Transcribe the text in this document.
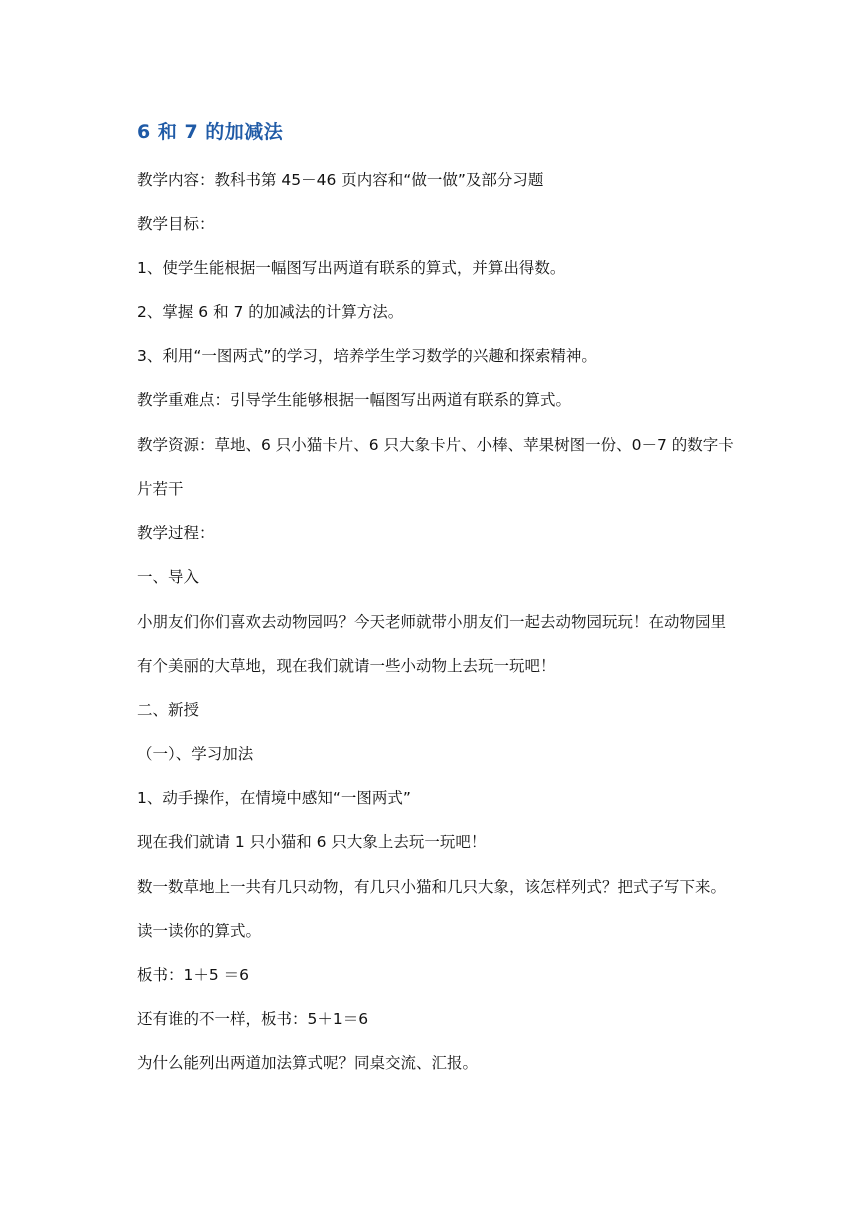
6 和 7 的加减法

教学内容：教科书第 45－46 页内容和“做一做”及部分习题

教学目标：

1、使学生能根据一幅图写出两道有联系的算式，并算出得数。

2、掌握 6 和 7 的加减法的计算方法。

3、利用“一图两式”的学习，培养学生学习数学的兴趣和探索精神。

教学重难点：引导学生能够根据一幅图写出两道有联系的算式。

教学资源：草地、6 只小猫卡片、6 只大象卡片、小棒、苹果树图一份、0－7 的数字卡片若干

教学过程：

一、导入

小朋友们你们喜欢去动物园吗？今天老师就带小朋友们一起去动物园玩玩！在动物园里有个美丽的大草地，现在我们就请一些小动物上去玩一玩吧！

二、新授

（一）、学习加法

1、动手操作，在情境中感知“一图两式”

现在我们就请 1 只小猫和 6 只大象上去玩一玩吧！

数一数草地上一共有几只动物，有几只小猫和几只大象，该怎样列式？把式子写下来。读一读你的算式。

板书：1＋5 ＝6

还有谁的不一样，板书：5＋1＝6

为什么能列出两道加法算式呢？同桌交流、汇报。
